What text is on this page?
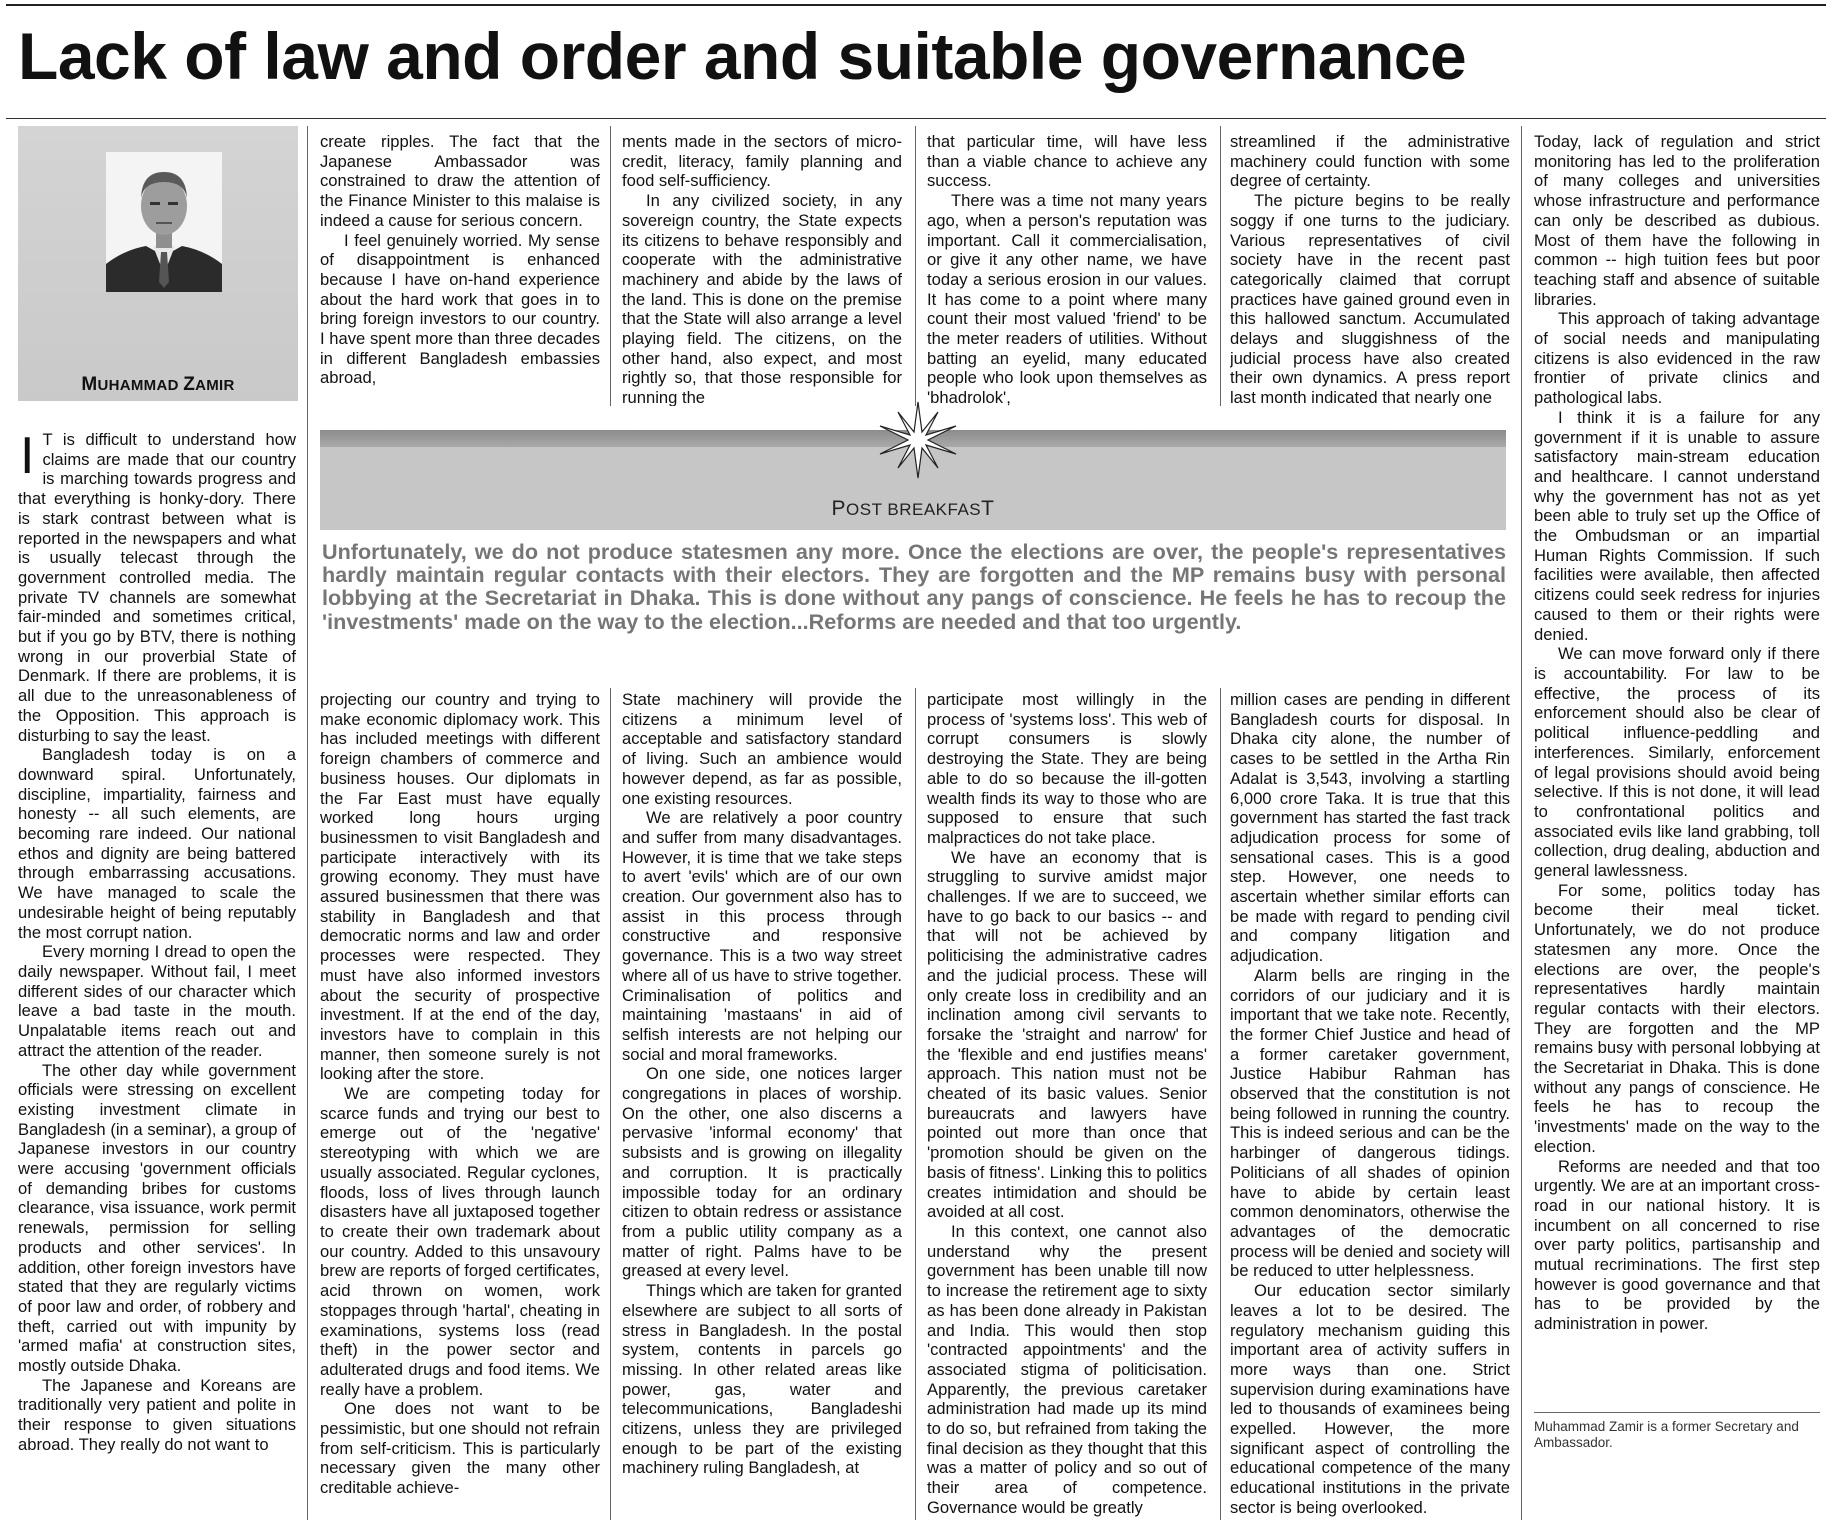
Lack of law and order and suitable governance
MUHAMMAD ZAMIR
POST BREAKFAST

Unfortunately, we do not produce statesmen any more. Once the elections are over, the people's representatives hardly maintain regular contacts with their electors. They are forgotten and the MP remains busy with personal lobbying at the Secretariat in Dhaka. This is done without any pangs of conscience. He feels he has to recoup the 'investments' made on the way to the election...Reforms are needed and that too urgently.

I T is difficult to understand how claims are made that our country is marching towards progress and that everything is honky-dory. There is stark contrast between what is reported in the newspapers and what is usually telecast through the government controlled media. The private TV channels are somewhat fair-minded and sometimes critical, but if you go by BTV, there is nothing wrong in our proverbial State of Denmark. If there are problems, it is all due to the unreasonableness of the Opposition. This approach is disturbing to say the least.

Bangladesh today is on a downward spiral. Unfortunately, discipline, impartiality, fairness and honesty -- all such elements, are becoming rare indeed. Our national ethos and dignity are being battered through embarrassing accusations. We have managed to scale the undesirable height of being reputably the most corrupt nation.

Every morning I dread to open the daily newspaper. Without fail, I meet different sides of our character which leave a bad taste in the mouth. Unpalatable items reach out and attract the attention of the reader.

The other day while government officials were stressing on excellent existing investment climate in Bangladesh (in a seminar), a group of Japanese investors in our country were accusing 'government officials of demanding bribes for customs clearance, visa issuance, work permit renewals, permission for selling products and other services'. In addition, other foreign investors have stated that they are regularly victims of poor law and order, of robbery and theft, carried out with impunity by 'armed mafia' at construction sites, mostly outside Dhaka.

The Japanese and Koreans are traditionally very patient and polite in their response to given situations abroad. They really do not want to

create ripples. The fact that the Japanese Ambassador was constrained to draw the attention of the Finance Minister to this malaise is indeed a cause for serious concern.

I feel genuinely worried. My sense of disappointment is enhanced because I have on-hand experience about the hard work that goes in to bring foreign investors to our country. I have spent more than three decades in different Bangladesh embassies abroad,

ments made in the sectors of micro-credit, literacy, family planning and food self-sufficiency.

In any civilized society, in any sovereign country, the State expects its citizens to behave responsibly and cooperate with the administrative machinery and abide by the laws of the land. This is done on the premise that the State will also arrange a level playing field. The citizens, on the other hand, also expect, and most rightly so, that those responsible for running the

that particular time, will have less than a viable chance to achieve any success.

There was a time not many years ago, when a person's reputation was important. Call it commercialisation, or give it any other name, we have today a serious erosion in our values. It has come to a point where many count their most valued 'friend' to be the meter readers of utilities. Without batting an eyelid, many educated people who look upon themselves as 'bhadrolok',

streamlined if the administrative machinery could function with some degree of certainty.

The picture begins to be really soggy if one turns to the judiciary. Various representatives of civil society have in the recent past categorically claimed that corrupt practices have gained ground even in this hallowed sanctum. Accumulated delays and sluggishness of the judicial process have also created their own dynamics. A press report last month indicated that nearly one

projecting our country and trying to make economic diplomacy work. This has included meetings with different foreign chambers of commerce and business houses. Our diplomats in the Far East must have equally worked long hours urging businessmen to visit Bangladesh and participate interactively with its growing economy. They must have assured businessmen that there was stability in Bangladesh and that democratic norms and law and order processes were respected. They must have also informed investors about the security of prospective investment. If at the end of the day, investors have to complain in this manner, then someone surely is not looking after the store.

We are competing today for scarce funds and trying our best to emerge out of the 'negative' stereotyping with which we are usually associated. Regular cyclones, floods, loss of lives through launch disasters have all juxtaposed together to create their own trademark about our country. Added to this unsavoury brew are reports of forged certificates, acid thrown on women, work stoppages through 'hartal', cheating in examinations, systems loss (read theft) in the power sector and adulterated drugs and food items. We really have a problem.

One does not want to be pessimistic, but one should not refrain from self-criticism. This is particularly necessary given the many other creditable achieve-

State machinery will provide the citizens a minimum level of acceptable and satisfactory standard of living. Such an ambience would however depend, as far as possible, one existing resources.

We are relatively a poor country and suffer from many disadvantages. However, it is time that we take steps to avert 'evils' which are of our own creation. Our government also has to assist in this process through constructive and responsive governance. This is a two way street where all of us have to strive together. Criminalisation of politics and maintaining 'mastaans' in aid of selfish interests are not helping our social and moral frameworks.

On one side, one notices larger congregations in places of worship. On the other, one also discerns a pervasive 'informal economy' that subsists and is growing on illegality and corruption. It is practically impossible today for an ordinary citizen to obtain redress or assistance from a public utility company as a matter of right. Palms have to be greased at every level.

Things which are taken for granted elsewhere are subject to all sorts of stress in Bangladesh. In the postal system, contents in parcels go missing. In other related areas like power, gas, water and telecommunications, Bangladeshi citizens, unless they are privileged enough to be part of the existing machinery ruling Bangladesh, at

participate most willingly in the process of 'systems loss'. This web of corrupt consumers is slowly destroying the State. They are being able to do so because the ill-gotten wealth finds its way to those who are supposed to ensure that such malpractices do not take place.

We have an economy that is struggling to survive amidst major challenges. If we are to succeed, we have to go back to our basics -- and that will not be achieved by politicising the administrative cadres and the judicial process. These will only create loss in credibility and an inclination among civil servants to forsake the 'straight and narrow' for the 'flexible and end justifies means' approach. This nation must not be cheated of its basic values. Senior bureaucrats and lawyers have pointed out more than once that 'promotion should be given on the basis of fitness'. Linking this to politics creates intimidation and should be avoided at all cost.

In this context, one cannot also understand why the present government has been unable till now to increase the retirement age to sixty as has been done already in Pakistan and India. This would then stop 'contracted appointments' and the associated stigma of politicisation. Apparently, the previous caretaker administration had made up its mind to do so, but refrained from taking the final decision as they thought that this was a matter of policy and so out of their area of competence. Governance would be greatly

million cases are pending in different Bangladesh courts for disposal. In Dhaka city alone, the number of cases to be settled in the Artha Rin Adalat is 3,543, involving a startling 6,000 crore Taka. It is true that this government has started the fast track adjudication process for some of sensational cases. This is a good step. However, one needs to ascertain whether similar efforts can be made with regard to pending civil and company litigation and adjudication.

Alarm bells are ringing in the corridors of our judiciary and it is important that we take note. Recently, the former Chief Justice and head of a former caretaker government, Justice Habibur Rahman has observed that the constitution is not being followed in running the country. This is indeed serious and can be the harbinger of dangerous tidings. Politicians of all shades of opinion have to abide by certain least common denominators, otherwise the advantages of the democratic process will be denied and society will be reduced to utter helplessness.

Our education sector similarly leaves a lot to be desired. The regulatory mechanism guiding this important area of activity suffers in more ways than one. Strict supervision during examinations have led to thousands of examinees being expelled. However, the more significant aspect of controlling the educational competence of the many educational institutions in the private sector is being overlooked.

Today, lack of regulation and strict monitoring has led to the proliferation of many colleges and universities whose infrastructure and performance can only be described as dubious. Most of them have the following in common -- high tuition fees but poor teaching staff and absence of suitable libraries.

This approach of taking advantage of social needs and manipulating citizens is also evidenced in the raw frontier of private clinics and pathological labs.

I think it is a failure for any government if it is unable to assure satisfactory main-stream education and healthcare. I cannot understand why the government has not as yet been able to truly set up the Office of the Ombudsman or an impartial Human Rights Commission. If such facilities were available, then affected citizens could seek redress for injuries caused to them or their rights were denied.

We can move forward only if there is accountability. For law to be effective, the process of its enforcement should also be clear of political influence-peddling and interferences. Similarly, enforcement of legal provisions should avoid being selective. If this is not done, it will lead to confrontational politics and associated evils like land grabbing, toll collection, drug dealing, abduction and general lawlessness.

For some, politics today has become their meal ticket. Unfortunately, we do not produce statesmen any more. Once the elections are over, the people's representatives hardly maintain regular contacts with their electors. They are forgotten and the MP remains busy with personal lobbying at the Secretariat in Dhaka. This is done without any pangs of conscience. He feels he has to recoup the 'investments' made on the way to the election.

Reforms are needed and that too urgently. We are at an important cross-road in our national history. It is incumbent on all concerned to rise over party politics, partisanship and mutual recriminations. The first step however is good governance and that has to be provided by the administration in power.

Muhammad Zamir is a former Secretary and Ambassador.
